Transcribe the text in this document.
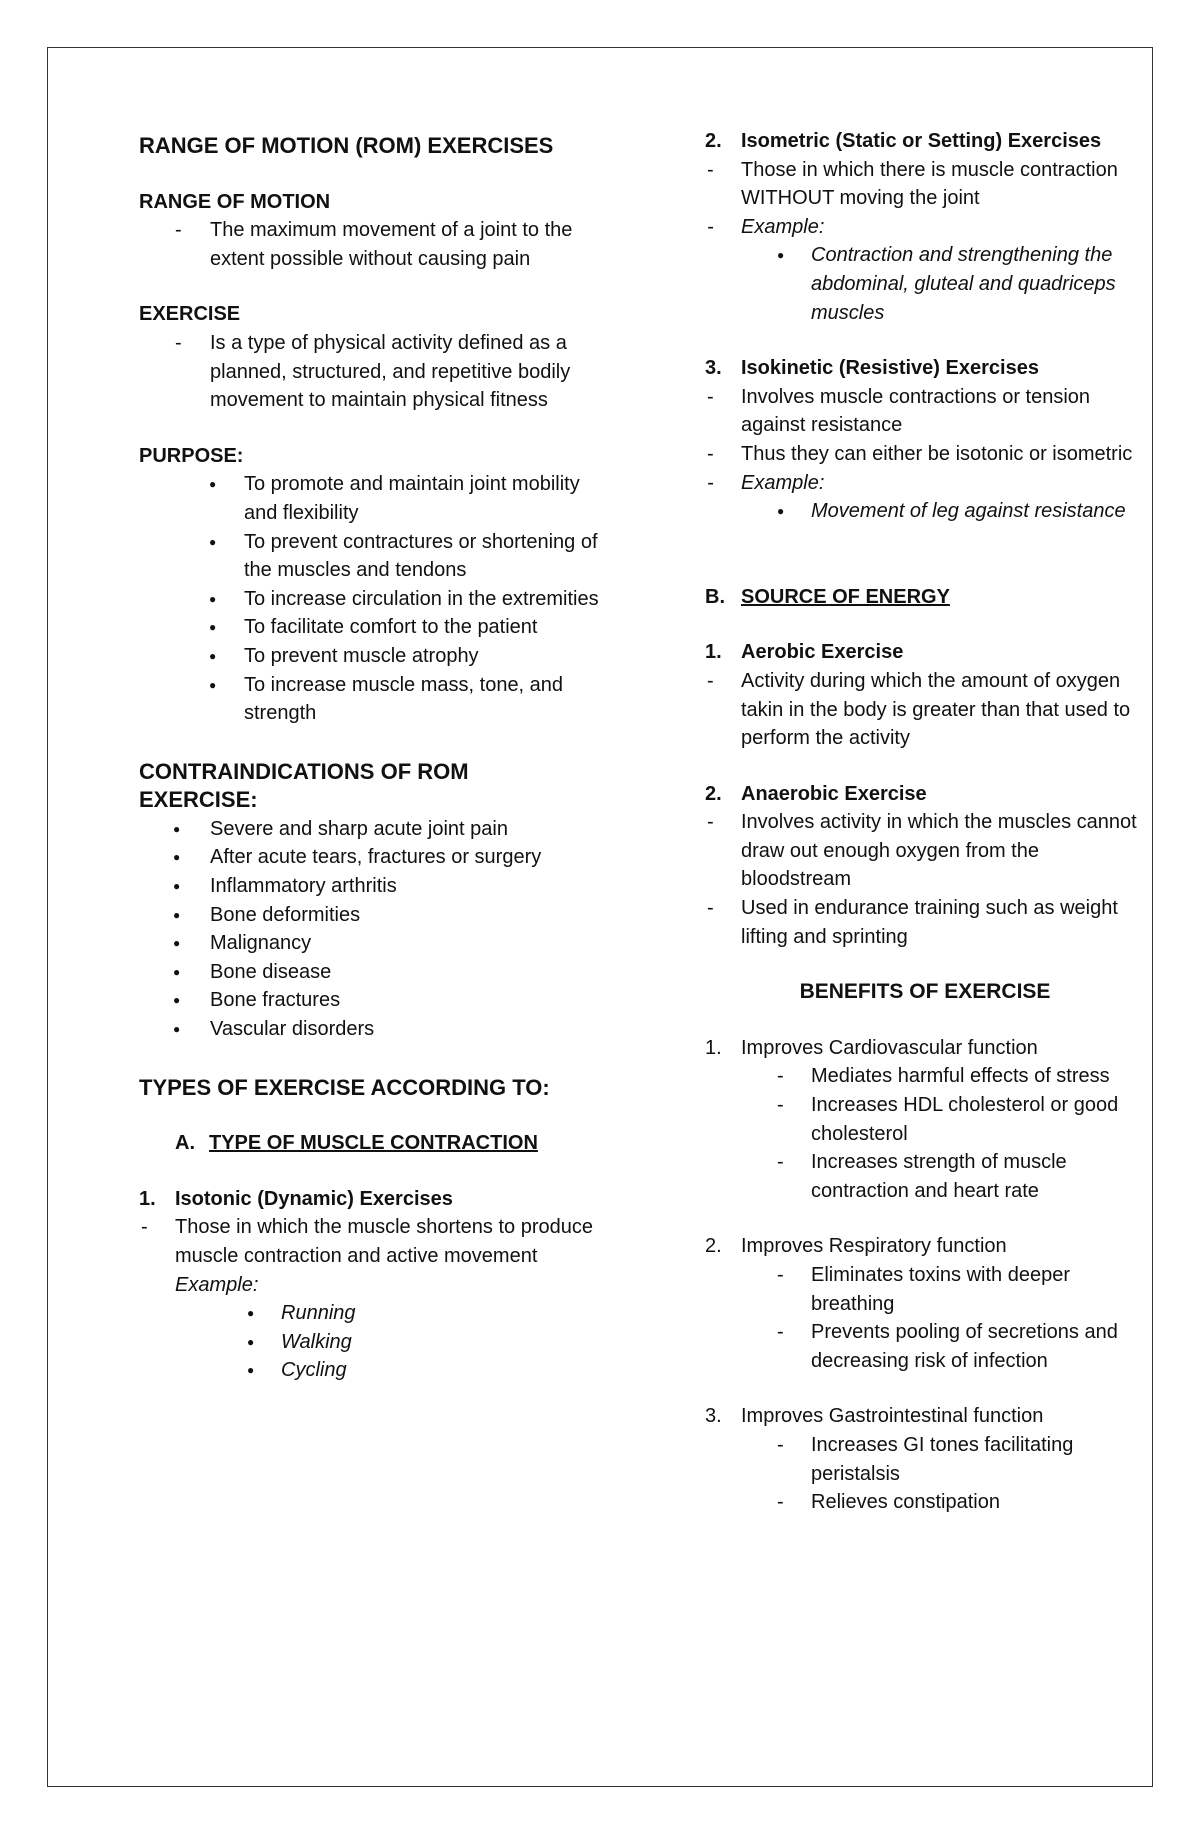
RANGE OF MOTION (ROM) EXERCISES
RANGE OF MOTION
- The maximum movement of a joint to the extent possible without causing pain
EXERCISE
- Is a type of physical activity defined as a planned, structured, and repetitive bodily movement to maintain physical fitness
PURPOSE:
● To promote and maintain joint mobility and flexibility
● To prevent contractures or shortening of the muscles and tendons
● To increase circulation in the extremities
● To facilitate comfort to the patient
● To prevent muscle atrophy
● To increase muscle mass, tone, and strength
CONTRAINDICATIONS OF ROM EXERCISE:
● Severe and sharp acute joint pain
● After acute tears, fractures or surgery
● Inflammatory arthritis
● Bone deformities
● Malignancy
● Bone disease
● Bone fractures
● Vascular disorders
TYPES OF EXERCISE ACCORDING TO:
A. TYPE OF MUSCLE CONTRACTION
1. Isotonic (Dynamic) Exercises
- Those in which the muscle shortens to produce muscle contraction and active movement
Example:
● Running
● Walking
● Cycling
2. Isometric (Static or Setting) Exercises
- Those in which there is muscle contraction WITHOUT moving the joint
- Example:
● Contraction and strengthening the abdominal, gluteal and quadriceps muscles
3. Isokinetic (Resistive) Exercises
- Involves muscle contractions or tension against resistance
- Thus they can either be isotonic or isometric
- Example:
● Movement of leg against resistance
B. SOURCE OF ENERGY
1. Aerobic Exercise
- Activity during which the amount of oxygen takin in the body is greater than that used to perform the activity
2. Anaerobic Exercise
- Involves activity in which the muscles cannot draw out enough oxygen from the bloodstream
- Used in endurance training such as weight lifting and sprinting
BENEFITS OF EXERCISE
1. Improves Cardiovascular function
- Mediates harmful effects of stress
- Increases HDL cholesterol or good cholesterol
- Increases strength of muscle contraction and heart rate
2. Improves Respiratory function
- Eliminates toxins with deeper breathing
- Prevents pooling of secretions and decreasing risk of infection
3. Improves Gastrointestinal function
- Increases GI tones facilitating peristalsis
- Relieves constipation
